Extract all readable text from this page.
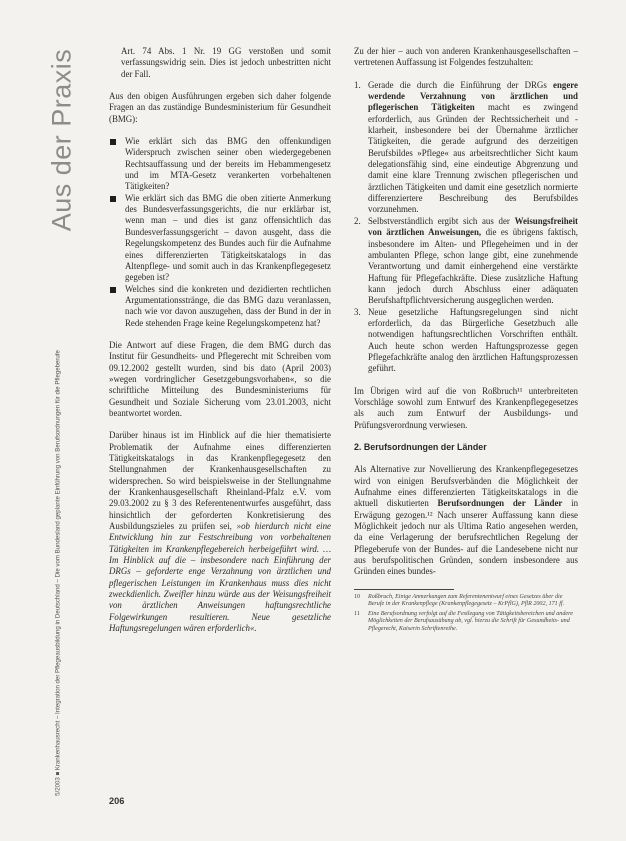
Aus der Praxis
5/2003 ■ Krankenhausrecht – Integration der Pflegeausbildung in Deutschland – Die vom Bundesland geplante Einführung von Berufsordnungen für die Pflegeberufe

Art. 74 Abs. 1 Nr. 19 GG verstoßen und somit verfassungswidrig sein. Dies ist jedoch unbestritten nicht der Fall.

Aus den obigen Ausführungen ergeben sich daher folgende Fragen an das zuständige Bundesministerium für Gesundheit (BMG):

Wie erklärt sich das BMG den offenkundigen Widerspruch zwischen seiner oben wiedergegebenen Rechtsauffassung und der bereits im Hebammengesetz und im MTA-Gesetz verankerten vorbehaltenen Tätigkeiten?
Wie erklärt sich das BMG die oben zitierte Anmerkung des Bundesverfassungsgerichts, die nur erklärbar ist, wenn man – und dies ist ganz offensichtlich das Bundesverfassungsgericht – davon ausgeht, dass die Regelungskompetenz des Bundes auch für die Aufnahme eines differenzierten Tätigkeitskatalogs in das Altenpflege- und somit auch in das Krankenpflegegesetz gegeben ist?
Welches sind die konkreten und dezidierten rechtlichen Argumentationsstränge, die das BMG dazu veranlassen, nach wie vor davon auszugehen, dass der Bund in der in Rede stehenden Frage keine Regelungskompetenz hat?

Die Antwort auf diese Fragen, die dem BMG durch das Institut für Gesundheits- und Pflegerecht mit Schreiben vom 09.12.2002 gestellt wurden, sind bis dato (April 2003) »wegen vordringlicher Gesetzgebungsvorhaben«, so die schriftliche Mitteilung des Bundesministeriums für Gesundheit und Soziale Sicherung vom 23.01.2003, nicht beantwortet worden.

Darüber hinaus ist im Hinblick auf die hier thematisierte Problematik der Aufnahme eines differenzierten Tätigkeitskatalogs in das Krankenpflegegesetz den Stellungnahmen der Krankenhausgesellschaften zu widersprechen. So wird beispielsweise in der Stellungnahme der Krankenhausgesellschaft Rheinland-Pfalz e.V. vom 29.03.2002 zu § 3 des Referentenentwurfes ausgeführt, dass hinsichtlich der geforderten Konkretisierung des Ausbildungszieles zu prüfen sei, »ob hierdurch nicht eine Entwicklung hin zur Festschreibung von vorbehaltenen Tätigkeiten im Krankenpflegebereich herbeigeführt wird. … Im Hinblick auf die – insbesondere nach Einführung der DRGs – geforderte enge Verzahnung von ärztlichen und pflegerischen Leistungen im Krankenhaus muss dies nicht zweckdienlich. Zweifler hinzu würde aus der Weisungsfreiheit von ärztlichen Anweisungen haftungsrechtliche Folgewirkungen resultieren. Neue gesetzliche Haftungsregelungen wären erforderlich«.

Zu der hier – auch von anderen Krankenhausgesellschaften – vertretenen Auffassung ist Folgendes festzuhalten:

1. Gerade die durch die Einführung der DRGs engere werdende Verzahnung von ärztlichen und pflegerischen Tätigkeiten macht es zwingend erforderlich, aus Gründen der Rechtssicherheit und -klarheit, insbesondere bei der Übernahme ärztlicher Tätigkeiten, die gerade aufgrund des derzeitigen Berufsbildes »Pflege« aus arbeitsrechtlicher Sicht kaum delegationsfähig sind, eine eindeutige Abgrenzung und damit eine klare Trennung zwischen pflegerischen und ärztlichen Tätigkeiten und damit eine gesetzlich normierte differenziertere Beschreibung des Berufsbildes vorzunehmen.
2. Selbstverständlich ergibt sich aus der Weisungsfreiheit von ärztlichen Anweisungen, die es übrigens faktisch, insbesondere im Alten- und Pflegeheimen und in der ambulanten Pflege, schon lange gibt, eine zunehmende Verantwortung und damit einhergehend eine verstärkte Haftung für Pflegefachkräfte. Diese zusätzliche Haftung kann jedoch durch Abschluss einer adäquaten Berufshaftpflichtversicherung ausgeglichen werden.
3. Neue gesetzliche Haftungsregelungen sind nicht erforderlich, da das Bürgerliche Gesetzbuch alle notwendigen haftungsrechtlichen Vorschriften enthält. Auch heute schon werden Haftungsprozesse gegen Pflegefachkräfte analog den ärztlichen Haftungsprozessen geführt.

Im Übrigen wird auf die von Roßbruch¹¹ unterbreiteten Vorschläge sowohl zum Entwurf des Krankenpflegegesetzes als auch zum Entwurf der Ausbildungs- und Prüfungsverordnung verwiesen.

2. Berufsordnungen der Länder

Als Alternative zur Novellierung des Krankenpflegegesetzes wird von einigen Berufsverbänden die Möglichkeit der Aufnahme eines differenzierten Tätigkeitskatalogs in die aktuell diskutierten Berufsordnungen der Länder in Erwägung gezogen.¹² Nach unserer Auffassung kann diese Möglichkeit jedoch nur als Ultima Ratio angesehen werden, da eine Verlagerung der berufsrechtlichen Regelung der Pflegeberufe von der Bundes- auf die Landesebene nicht nur aus berufspolitischen Gründen, sondern insbesondere aus Gründen eines bundes-

10 Roßbruch, Einige Anmerkungen zum Referentenentwurf eines Gesetzes über die Berufe in der Krankenpflege (Krankenpflegegesetz – KrPflG), PflR 2002, 171 ff.
11 Eine Berufsordnung verfolgt auf die Festlegung von Tätigkeitsbereichen und andere Möglichkeiten der Berufsausübung ab, vgl. hierzu die Schrift für Gesundheits- und Pflegerecht, Kaiserin Schriftenreihe.
206
